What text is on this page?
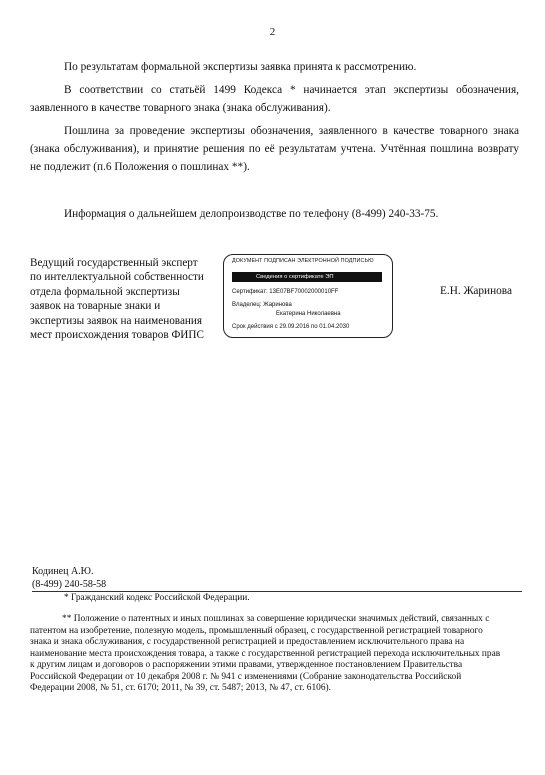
2
По результатам формальной экспертизы заявка принята к рассмотрению.
В соответствии со статьёй 1499 Кодекса * начинается этап экспертизы обозначения,
заявленного в качестве товарного знака (знака обслуживания).
Пошлина за проведение экспертизы обозначения, заявленного в качестве товарного знака
(знака обслуживания), и принятие решения по её результатам учтена. Учтённая пошлина возврату
не подлежит (п.6 Положения о пошлинах **).
Информация о дальнейшем делопроизводстве по телефону (8-499) 240-33-75.
Ведущий государственный эксперт
по интеллектуальной собственности
отдела формальной экспертизы
заявок на товарные знаки и
экспертизы заявок на наименования
мест происхождения товаров ФИПС
ДОКУМЕНТ ПОДПИСАН ЭЛЕКТРОННОЙ ПОДПИСЬЮ
Сведения о сертификате ЭП
Сертификат: 13E07BF70002000010FF
Владелец: Жаринова
Екатерина Николаевна
Срок действия с 29.09.2016 по 01.04.2030
Е.Н. Жаринова
Кодинец А.Ю.
(8-499) 240-58-58
* Гражданский кодекс Российской Федерации.
** Положение о патентных и иных пошлинах за совершение юридически значимых действий, связанных с
патентом на изобретение, полезную модель, промышленный образец, с государственной регистрацией товарного
знака и знака обслуживания, с государственной регистрацией и предоставлением исключительного права на
наименование места происхождения товара, а также с государственной регистрацией перехода исключительных прав
к другим лицам и договоров о распоряжении этими правами, утвержденное постановлением Правительства
Российской Федерации от 10 декабря 2008 г. № 941 с изменениями (Собрание законодательства Российской
Федерации 2008, № 51, ст. 6170; 2011, № 39, ст. 5487; 2013, № 47, ст. 6106).
